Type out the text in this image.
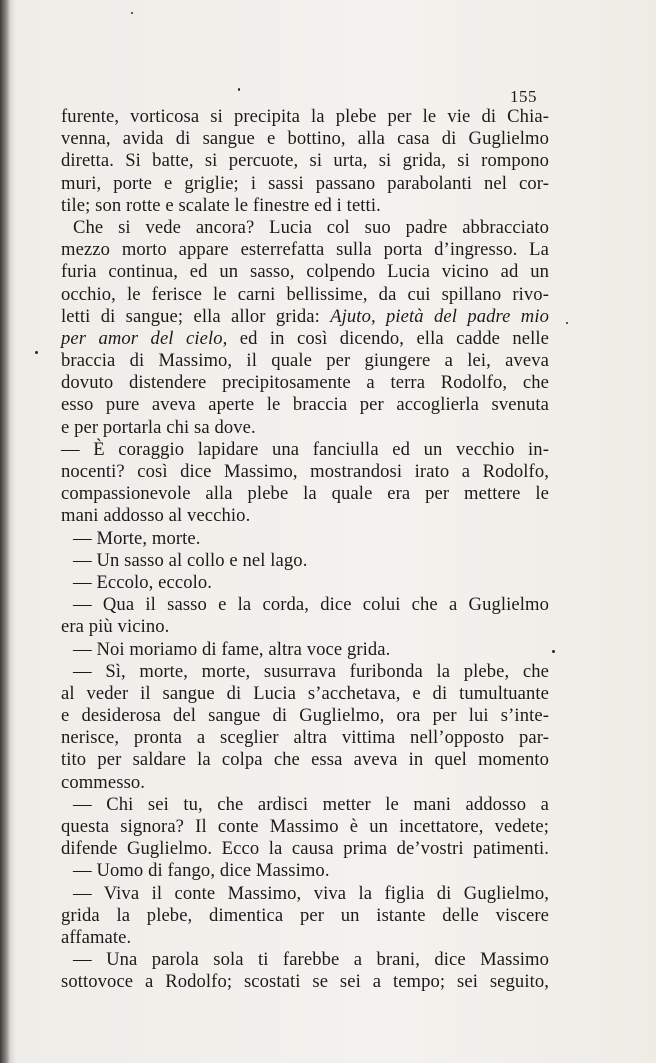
155
furente, vorticosa si precipita la plebe per le vie di Chia-
venna, avida di sangue e bottino, alla casa di Guglielmo
diretta. Si batte, si percuote, si urta, si grida, si rompono
muri, porte e griglie; i sassi passano parabolanti nel cor-
tile; son rotte e scalate le finestre ed i tetti.
Che si vede ancora? Lucia col suo padre abbracciato
mezzo morto appare esterrefatta sulla porta d’ingresso. La
furia continua, ed un sasso, colpendo Lucia vicino ad un
occhio, le ferisce le carni bellissime, da cui spillano rivo-
letti di sangue; ella allor grida: Ajuto, pietà del padre mio
per amor del cielo, ed in così dicendo, ella cadde nelle
braccia di Massimo, il quale per giungere a lei, aveva
dovuto distendere precipitosamente a terra Rodolfo, che
esso pure aveva aperte le braccia per accoglierla svenuta
e per portarla chi sa dove.
— È coraggio lapidare una fanciulla ed un vecchio in-
nocenti? così dice Massimo, mostrandosi irato a Rodolfo,
compassionevole alla plebe la quale era per mettere le
mani addosso al vecchio.
— Morte, morte.
— Un sasso al collo e nel lago.
— Eccolo, eccolo.
— Qua il sasso e la corda, dice colui che a Guglielmo
era più vicino.
— Noi moriamo di fame, altra voce grida.
— Sì, morte, morte, susurrava furibonda la plebe, che
al veder il sangue di Lucia s’acchetava, e di tumultuante
e desiderosa del sangue di Guglielmo, ora per lui s’inte-
nerisce, pronta a sceglier altra vittima nell’opposto par-
tito per saldare la colpa che essa aveva in quel momento
commesso.
— Chi sei tu, che ardisci metter le mani addosso a
questa signora? Il conte Massimo è un incettatore, vedete;
difende Guglielmo. Ecco la causa prima de’vostri patimenti.
— Uomo di fango, dice Massimo.
— Viva il conte Massimo, viva la figlia di Guglielmo,
grida la plebe, dimentica per un istante delle viscere
affamate.
— Una parola sola ti farebbe a brani, dice Massimo
sottovoce a Rodolfo; scostati se sei a tempo; sei seguito,
